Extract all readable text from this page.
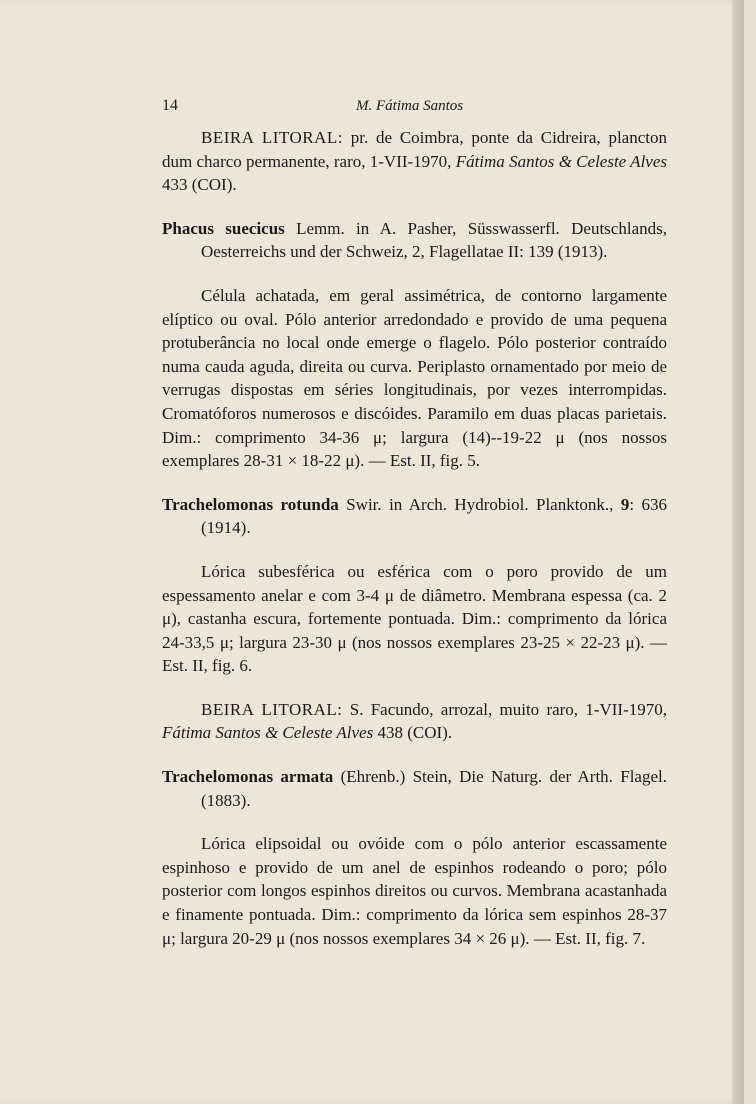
14	M. Fátima Santos

BEIRA LITORAL: pr. de Coimbra, ponte da Cidreira, plancton dum charco permanente, raro, 1-VII-1970, Fátima Santos & Celeste Alves 433 (COI).

Phacus suecicus Lemm. in A. Pasher, Süsswasserfl. Deutschlands, Oesterreichs und der Schweiz, 2, Flagellatae II: 139 (1913).

Célula achatada, em geral assimétrica, de contorno largamente elíptico ou oval. Pólo anterior arredondado e provido de uma pequena protuberância no local onde emerge o flagelo. Pólo posterior contraído numa cauda aguda, direita ou curva. Periplasto ornamentado por meio de verrugas dispostas em séries longitudinais, por vezes interrompidas. Cromatóforos numerosos e discóides. Paramilo em duas placas parietais. Dim.: comprimento 34-36 μ; largura (14)--19-22 μ (nos nossos exemplares 28-31 × 18-22 μ). — Est. II, fig. 5.

Trachelomonas rotunda Swir. in Arch. Hydrobiol. Planktonk., 9: 636 (1914).

Lórica subesférica ou esférica com o poro provido de um espessamento anelar e com 3-4 μ de diâmetro. Membrana espessa (ca. 2 μ), castanha escura, fortemente pontuada. Dim.: comprimento da lórica 24-33,5 μ; largura 23-30 μ (nos nossos exemplares 23-25 × 22-23 μ). — Est. II, fig. 6.

BEIRA LITORAL: S. Facundo, arrozal, muito raro, 1-VII-1970, Fátima Santos & Celeste Alves 438 (COI).

Trachelomonas armata (Ehrenb.) Stein, Die Naturg. der Arth. Flagel. (1883).

Lórica elipsoidal ou ovóide com o pólo anterior escassamente espinhoso e provido de um anel de espinhos rodeando o poro; pólo posterior com longos espinhos direitos ou curvos. Membrana acastanhada e finamente pontuada. Dim.: comprimento da lórica sem espinhos 28-37 μ; largura 20-29 μ (nos nossos exemplares 34 × 26 μ). — Est. II, fig. 7.
